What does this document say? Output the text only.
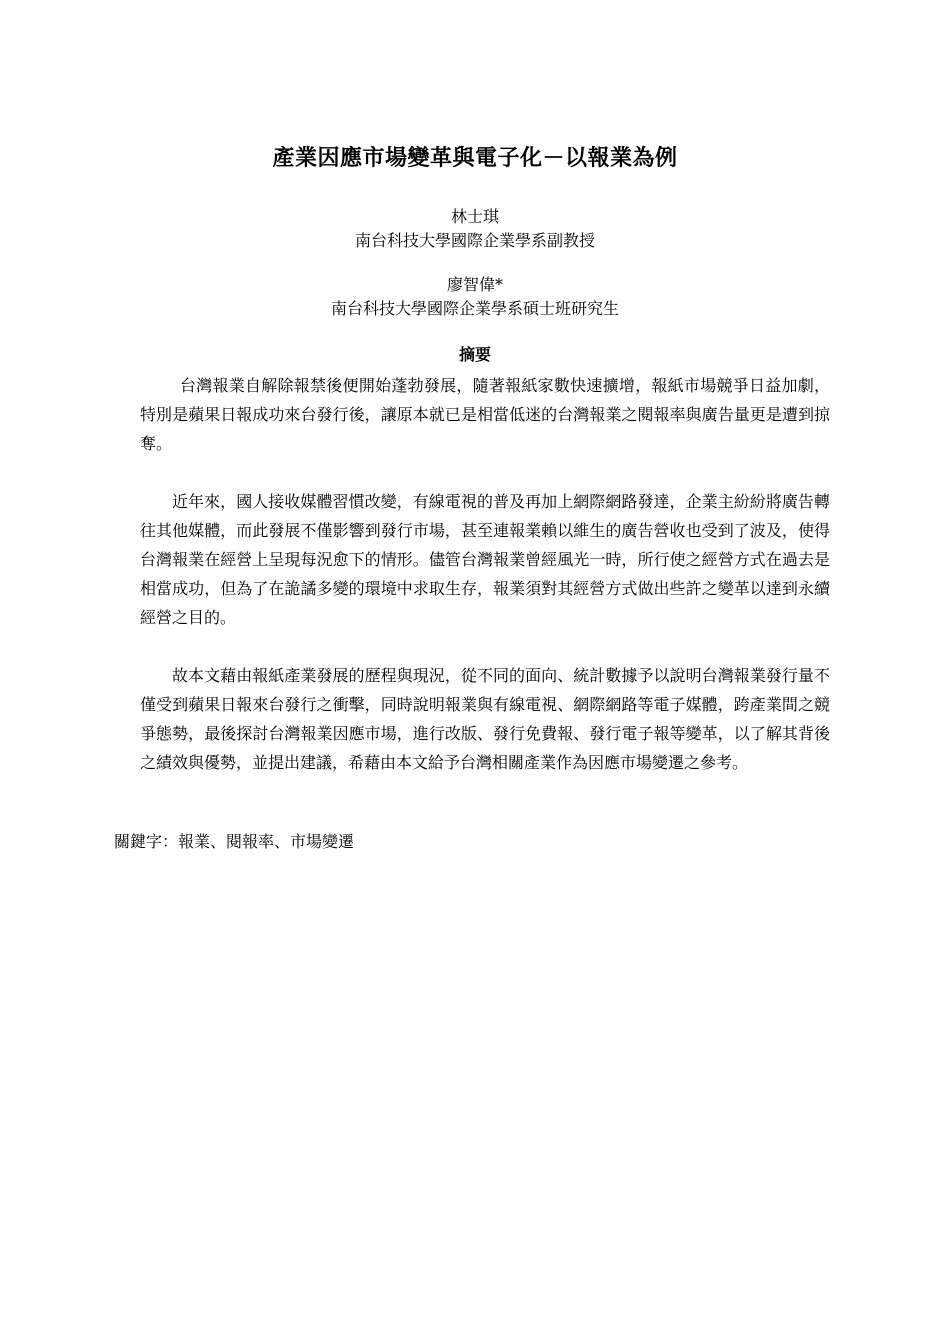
產業因應市場變革與電子化－以報業為例
林士琪
南台科技大學國際企業學系副教授
廖智偉*
南台科技大學國際企業學系碩士班研究生
摘要

台灣報業自解除報禁後便開始蓬勃發展，隨著報紙家數快速擴增，報紙市場競爭日益加劇，特別是蘋果日報成功來台發行後，讓原本就已是相當低迷的台灣報業之閱報率與廣告量更是遭到掠奪。

近年來，國人接收媒體習慣改變，有線電視的普及再加上網際網路發達，企業主紛紛將廣告轉往其他媒體，而此發展不僅影響到發行市場，甚至連報業賴以維生的廣告營收也受到了波及，使得台灣報業在經營上呈現每況愈下的情形。儘管台灣報業曾經風光一時，所行使之經營方式在過去是相當成功，但為了在詭譎多變的環境中求取生存，報業須對其經營方式做出些許之變革以達到永續經營之目的。

故本文藉由報紙產業發展的歷程與現況，從不同的面向、統計數據予以說明台灣報業發行量不僅受到蘋果日報來台發行之衝擊，同時說明報業與有線電視、網際網路等電子媒體，跨產業間之競爭態勢，最後探討台灣報業因應市場，進行改版、發行免費報、發行電子報等變革，以了解其背後之績效與優勢，並提出建議，希藉由本文給予台灣相關產業作為因應市場變遷之參考。

關鍵字：報業、閱報率、市場變遷
